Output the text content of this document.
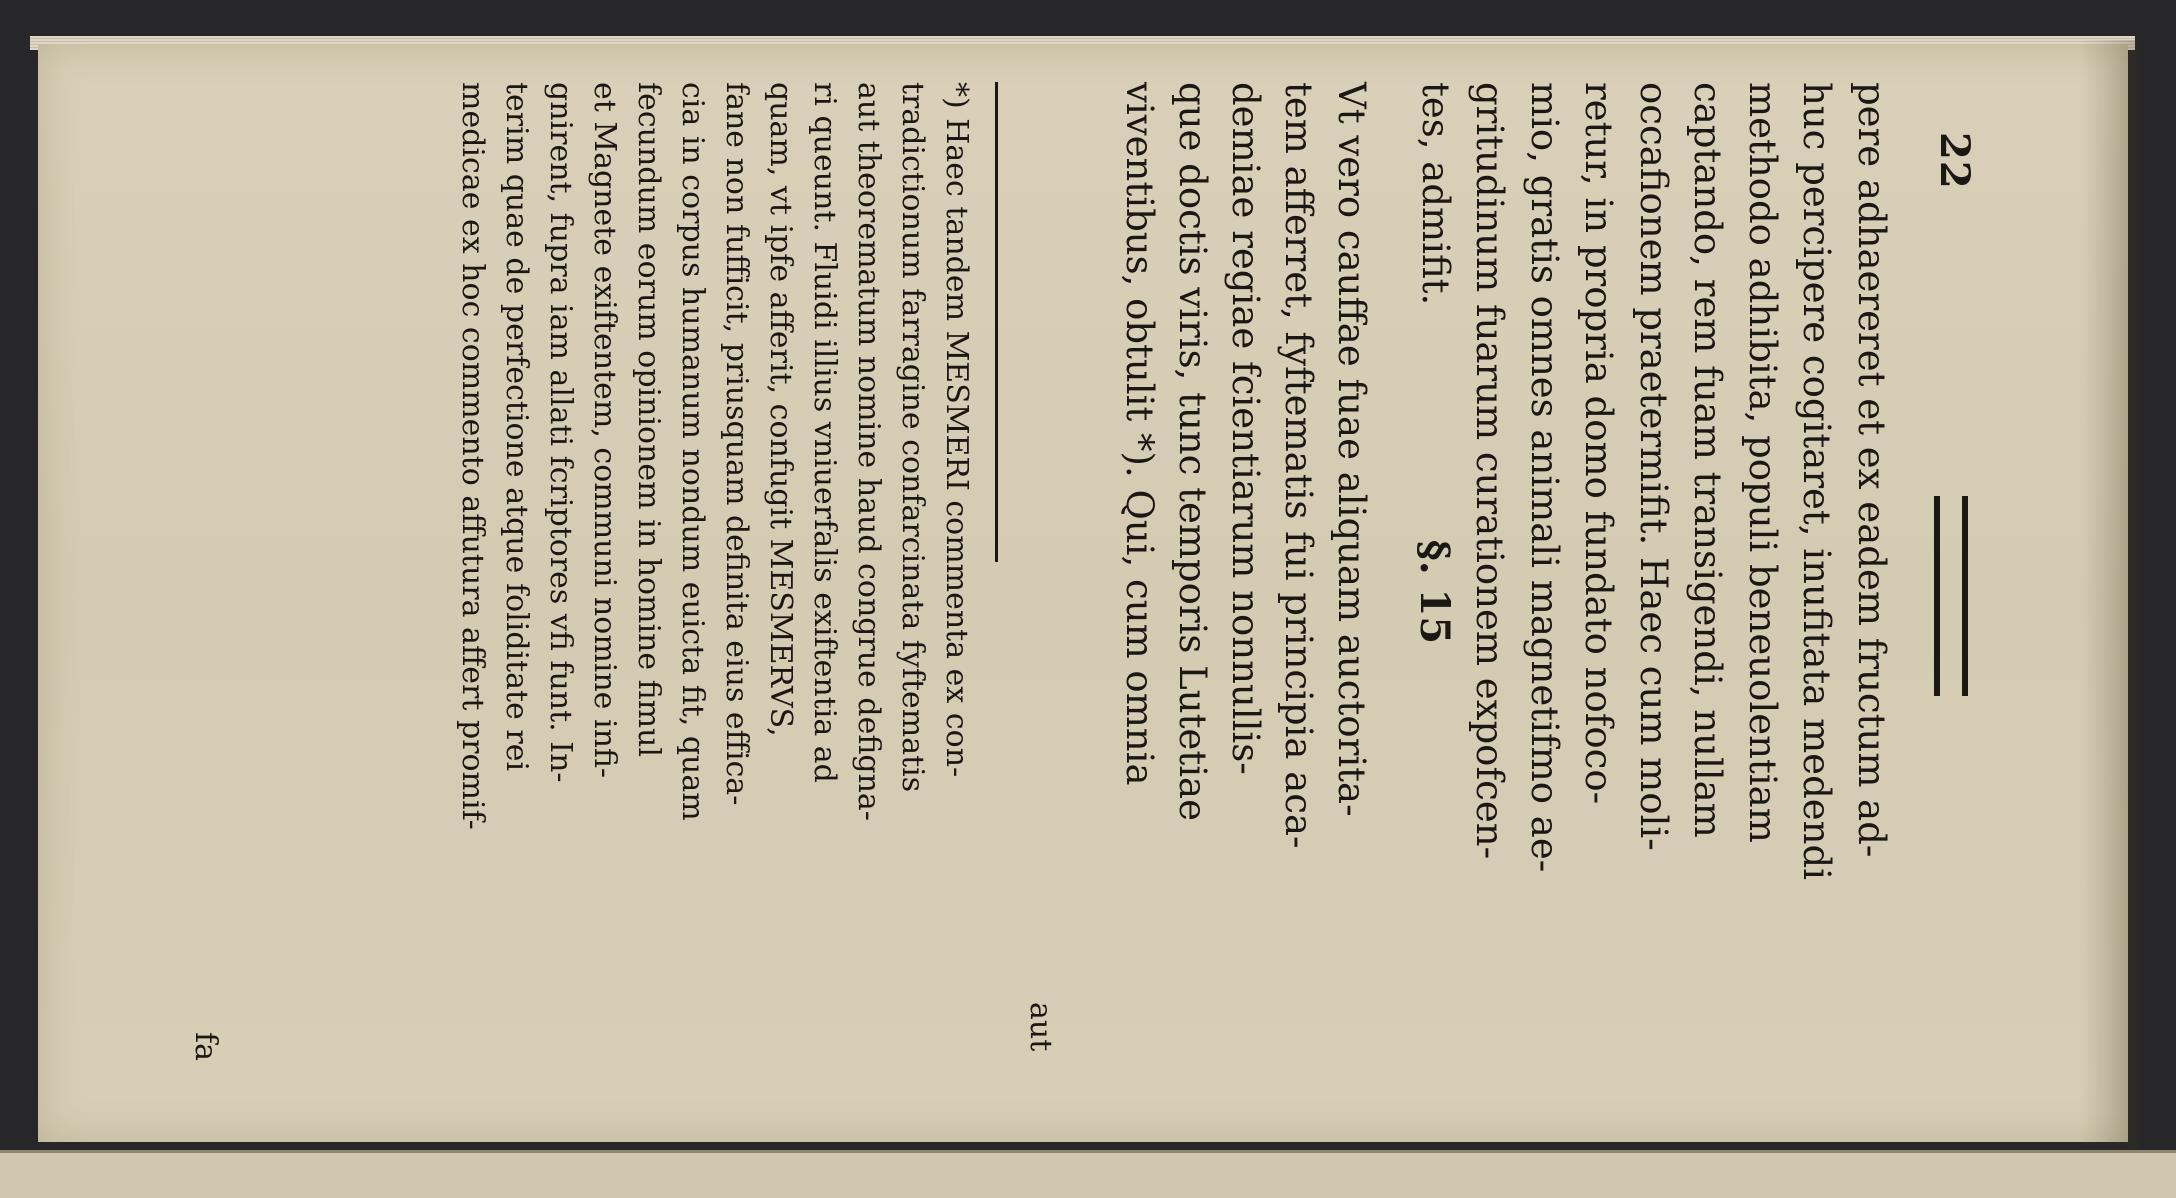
22
pere adhaereret et ex eadem fructum ad-
huc percipere cogitaret, inufitata medendi
methodo adhibita, populi beneuolentiam
captando, rem fuam transigendi, nullam
occafionem praetermifit. Haec cum moli-
retur, in propria domo fundato nofoco-
mio, gratis omnes animali magnetifmo ae-
gritudinum fuarum curationem expofcen-
tes, admifit.
§. 15
Vt vero cauffae fuae aliquam auctorita-
tem afferret, fyftematis fui principia aca-
demiae regiae fcientiarum nonnullis-
que doctis viris, tunc temporis Lutetiae
viventibus, obtulit *). Qui, cum omnia
aut
*) Haec tandem MESMERI commenta ex con-
tradictionum farragine confarcinata fyftematis
aut theorematum nomine haud congrue defigna-
ri queunt. Fluidi illius vniuerfalis exiftentia ad
quam, vt ipfe afferit, confugit MESMERVS,
fane non fufficit, priusquam definita eius effica-
cia in corpus humanum nondum euicta fit, quam
fecundum eorum opinionem in homine fimul
et Magnete exiftentem, communi nomine infi-
gnirent, fupra iam allati fcriptores vfi funt. In-
terim quae de perfectione atque foliditate rei
medicae ex hoc commento affutura affert promif-
fa
